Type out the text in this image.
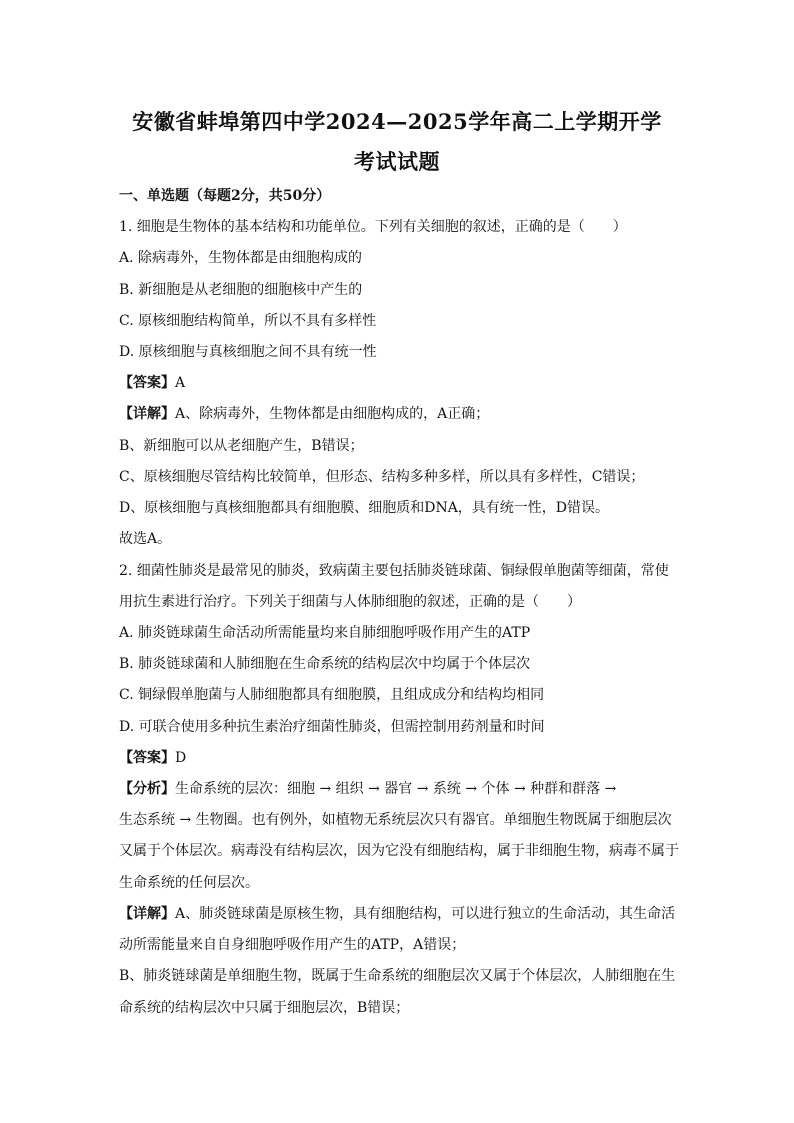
安徽省蚌埠第四中学2024—2025学年高二上学期开学
考试试题
一、单选题（每题2分，共50分）
1. 细胞是生物体的基本结构和功能单位。下列有关细胞的叙述，正确的是（　　）
A. 除病毒外，生物体都是由细胞构成的
B. 新细胞是从老细胞的细胞核中产生的
C. 原核细胞结构简单，所以不具有多样性
D. 原核细胞与真核细胞之间不具有统一性
【答案】A
【详解】A、除病毒外，生物体都是由细胞构成的，A正确；
B、新细胞可以从老细胞产生，B错误；
C、原核细胞尽管结构比较简单，但形态、结构多种多样，所以具有多样性，C错误；
D、原核细胞与真核细胞都具有细胞膜、细胞质和DNA，具有统一性，D错误。
故选A。
2. 细菌性肺炎是最常见的肺炎，致病菌主要包括肺炎链球菌、铜绿假单胞菌等细菌，常使
用抗生素进行治疗。下列关于细菌与人体肺细胞的叙述，正确的是（　　）
A. 肺炎链球菌生命活动所需能量均来自肺细胞呼吸作用产生的ATP
B. 肺炎链球菌和人肺细胞在生命系统的结构层次中均属于个体层次
C. 铜绿假单胞菌与人肺细胞都具有细胞膜，且组成成分和结构均相同
D. 可联合使用多种抗生素治疗细菌性肺炎，但需控制用药剂量和时间
【答案】D
【分析】生命系统的层次：细胞 → 组织 → 器官 → 系统 → 个体 → 种群和群落 →
生态系统 → 生物圈。也有例外，如植物无系统层次只有器官。单细胞生物既属于细胞层次
又属于个体层次。病毒没有结构层次，因为它没有细胞结构，属于非细胞生物，病毒不属于
生命系统的任何层次。
【详解】A、肺炎链球菌是原核生物，具有细胞结构，可以进行独立的生命活动，其生命活
动所需能量来自自身细胞呼吸作用产生的ATP，A错误；
B、肺炎链球菌是单细胞生物，既属于生命系统的细胞层次又属于个体层次，人肺细胞在生
命系统的结构层次中只属于细胞层次，B错误；
